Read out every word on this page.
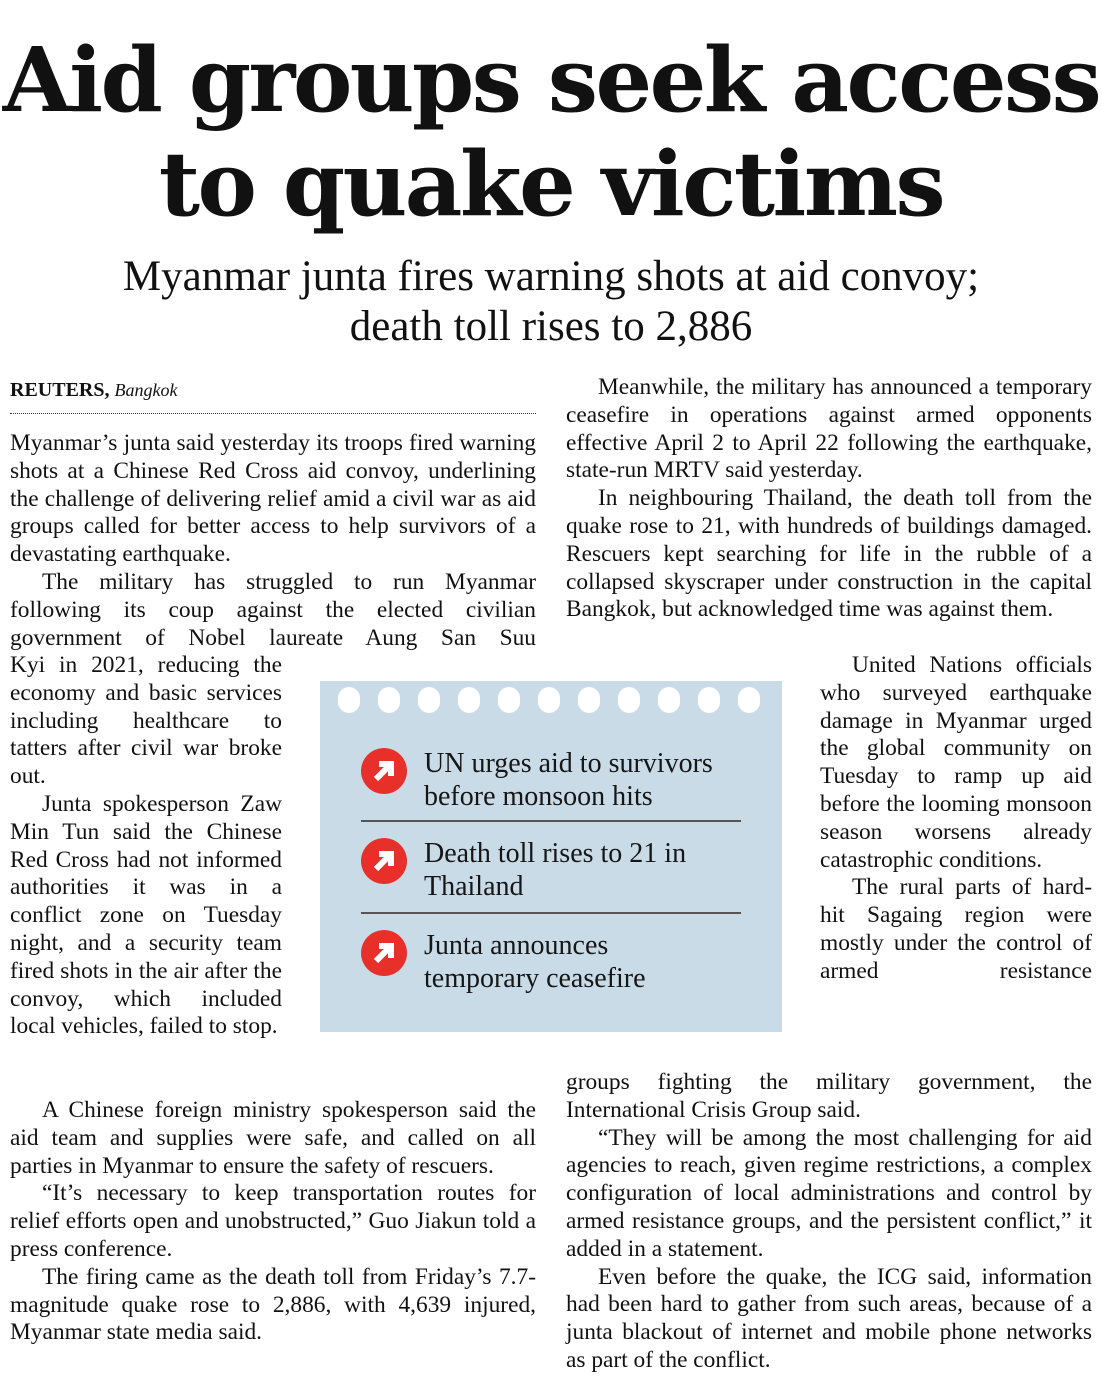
Aid groups seek access
to quake victims
Myanmar junta fires warning shots at aid convoy;
death toll rises to 2,886
REUTERS, Bangkok

Myanmar’s junta said yesterday its troops fired warning shots at a Chinese Red Cross aid convoy, underlining the challenge of delivering relief amid a civil war as aid groups called for better access to help survivors of a devastating earthquake.

The military has struggled to run Myanmar following its coup against the elected civilian government of Nobel laureate Aung San Suu

Kyi in 2021, reducing the economy and basic services including healthcare to tatters after civil war broke out.

Junta spokesperson Zaw Min Tun said the Chinese Red Cross had not informed authorities it was in a conflict zone on Tuesday night, and a security team fired shots in the air after the convoy, which included local vehicles, failed to stop.

A Chinese foreign ministry spokesperson said the aid team and supplies were safe, and called on all parties in Myanmar to ensure the safety of rescuers.

“It’s necessary to keep transportation routes for relief efforts open and unobstructed,” Guo Jiakun told a press conference.

The firing came as the death toll from Friday’s 7.7-magnitude quake rose to 2,886, with 4,639 injured, Myanmar state media said.

Meanwhile, the military has announced a temporary ceasefire in operations against armed opponents effective April 2 to April 22 following the earthquake, state-run MRTV said yesterday.

In neighbouring Thailand, the death toll from the quake rose to 21, with hundreds of buildings damaged. Rescuers kept searching for life in the rubble of a collapsed skyscraper under construction in the capital Bangkok, but acknowledged time was against them.

United Nations officials who surveyed earthquake damage in Myanmar urged the global community on Tuesday to ramp up aid before the looming monsoon season worsens already catastrophic conditions.

The rural parts of hard-hit Sagaing region were mostly under the control of armed resistance

groups fighting the military government, the International Crisis Group said.

“They will be among the most challenging for aid agencies to reach, given regime restrictions, a complex configuration of local administrations and control by armed resistance groups, and the persistent conflict,” it added in a statement.

Even before the quake, the ICG said, information had been hard to gather from such areas, because of a junta blackout of internet and mobile phone networks as part of the conflict.

UN urges aid to survivors
before monsoon hits
Death toll rises to 21 in
Thailand
Junta announces
temporary ceasefire
